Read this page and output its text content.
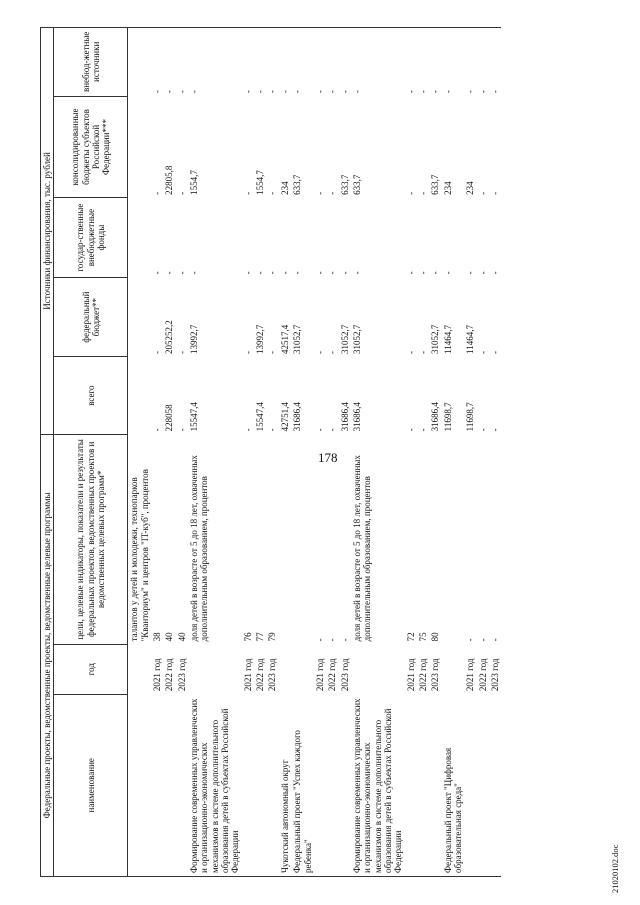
178
21020102.doc
Федеральные проекты, ведомственные проекты, ведомственные целевые программы			Источники финансирования, тыс. рублей				
наименование	год	цели, целевые индикаторы, показатели и результаты федеральных проектов, ведомственных проектов и ведомственных целевых программ*	всего	федеральный бюджет**	государ-ственные внебюджетные фонды	консолидированные бюджеты субъектов Российской Федерации***	внебюд-жетные источники
		талантов у детей и молодежи, технопарков "Кванториум" и центров "IT-куб", процентов					
	2021 год	38	-	-	-	-	-
	2022 год	40	228058	205252,2	-	22805,8	-
	2023 год	40	-	-	-	-	-
Формирование современных управленческих и организационно-экономических механизмов в системе дополнительного образования детей в субъектах Российской Федерации		доля детей в возрасте от 5 до 18 лет, охваченных дополнительным образованием, процентов	15547,4	13992,7	-	1554,7	-
	2021 год	76	-	-	-	-	-
	2022 год	77	15547,4	13992,7	-	1554,7	-
	2023 год	79	-	-	-	-	-
Чукотский автономный округ			42751,4	42517,4	-	234	-
Федеральный проект "Успех каждого ребенка"			31686,4	31052,7	-	633,7	-
	2021 год	-	-	-	-	-	-
	2022 год	-	-	-	-	-	-
	2023 год	-	31686,4	31052,7	-	633,7	-
Формирование современных управленческих и организационно-экономических механизмов в системе дополнительного образования детей в субъектах Российской Федерации		доля детей в возрасте от 5 до 18 лет, охваченных дополнительным образованием, процентов	31686,4	31052,7	-	633,7	-
	2021 год	72	-	-	-	-	-
	2022 год	75	-	-	-	-	-
	2023 год	80	31686,4	31052,7	-	633,7	-
Федеральный проект "Цифровая образовательная среда"			11698,7	11464,7	-	234	-
	2021 год	-	11698,7	11464,7	-	234	-
	2022 год	-	-	-	-	-	-
	2023 год	-	-	-	-	-	-
